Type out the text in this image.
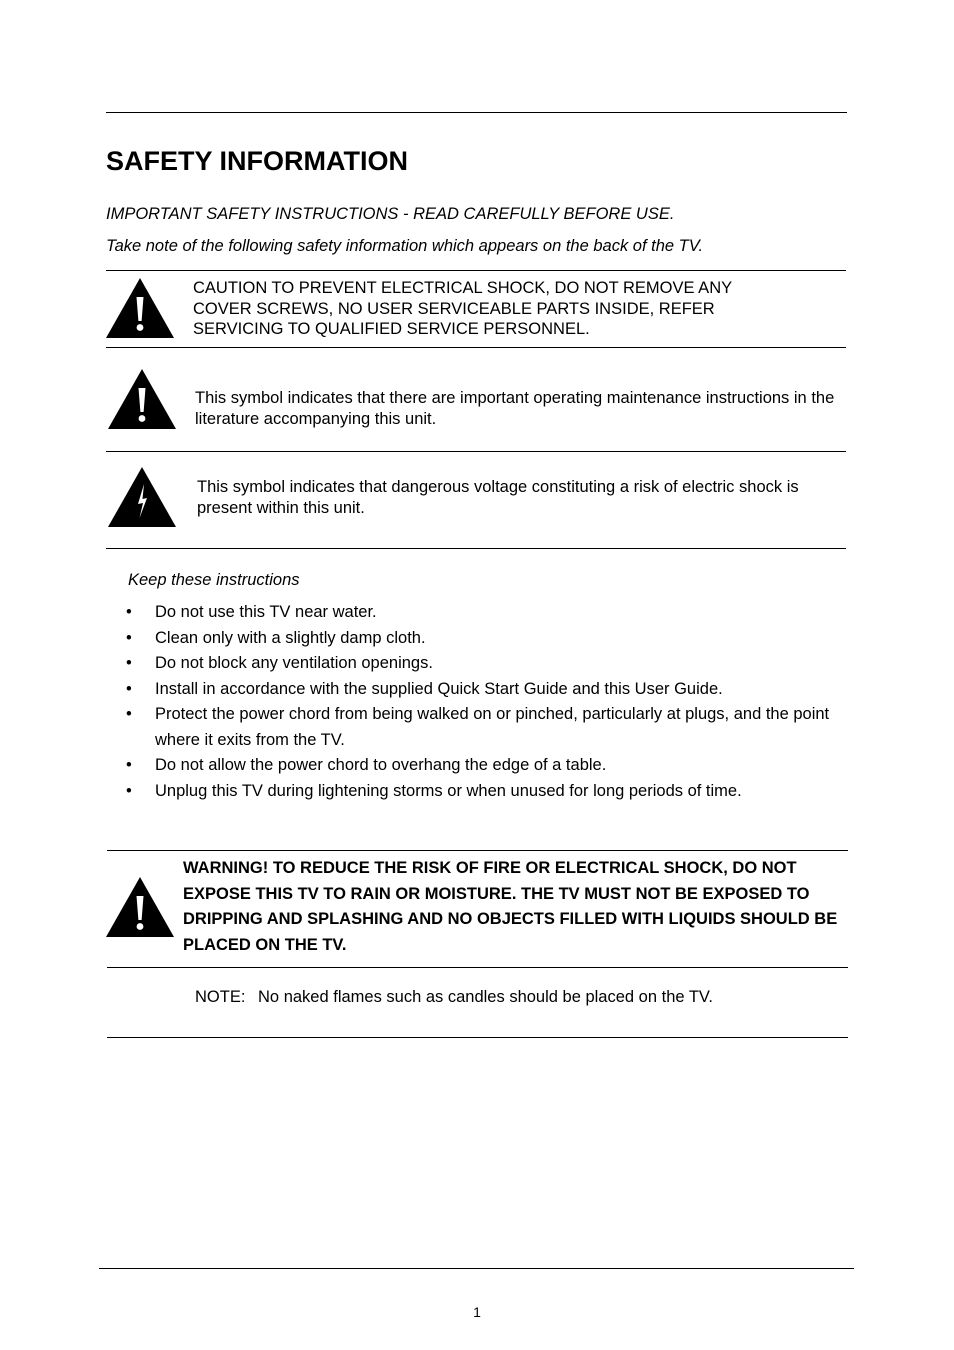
SAFETY INFORMATION
IMPORTANT SAFETY INSTRUCTIONS - READ CAREFULLY BEFORE USE.
Take note of the following safety information which appears on the back of the TV.
CAUTION TO PREVENT ELECTRICAL SHOCK, DO NOT REMOVE ANY COVER SCREWS, NO USER SERVICEABLE PARTS INSIDE, REFER SERVICING TO QUALIFIED SERVICE PERSONNEL.
This symbol indicates that there are important operating maintenance instructions in the literature accompanying this unit.
This symbol indicates that dangerous voltage constituting a risk of electric shock is present within this unit.
Keep these instructions
• Do not use this TV near water.
• Clean only with a slightly damp cloth.
• Do not block any ventilation openings.
• Install in accordance with the supplied Quick Start Guide and this User Guide.
• Protect the power chord from being walked on or pinched, particularly at plugs, and the point where it exits from the TV.
• Do not allow the power chord to overhang the edge of a table.
• Unplug this TV during lightening storms or when unused for long periods of time.
WARNING! TO REDUCE THE RISK OF FIRE OR ELECTRICAL SHOCK, DO NOT EXPOSE THIS TV TO RAIN OR MOISTURE. THE TV MUST NOT BE EXPOSED TO DRIPPING AND SPLASHING AND NO OBJECTS FILLED WITH LIQUIDS SHOULD BE PLACED ON THE TV.
NOTE: No naked flames such as candles should be placed on the TV.
1
